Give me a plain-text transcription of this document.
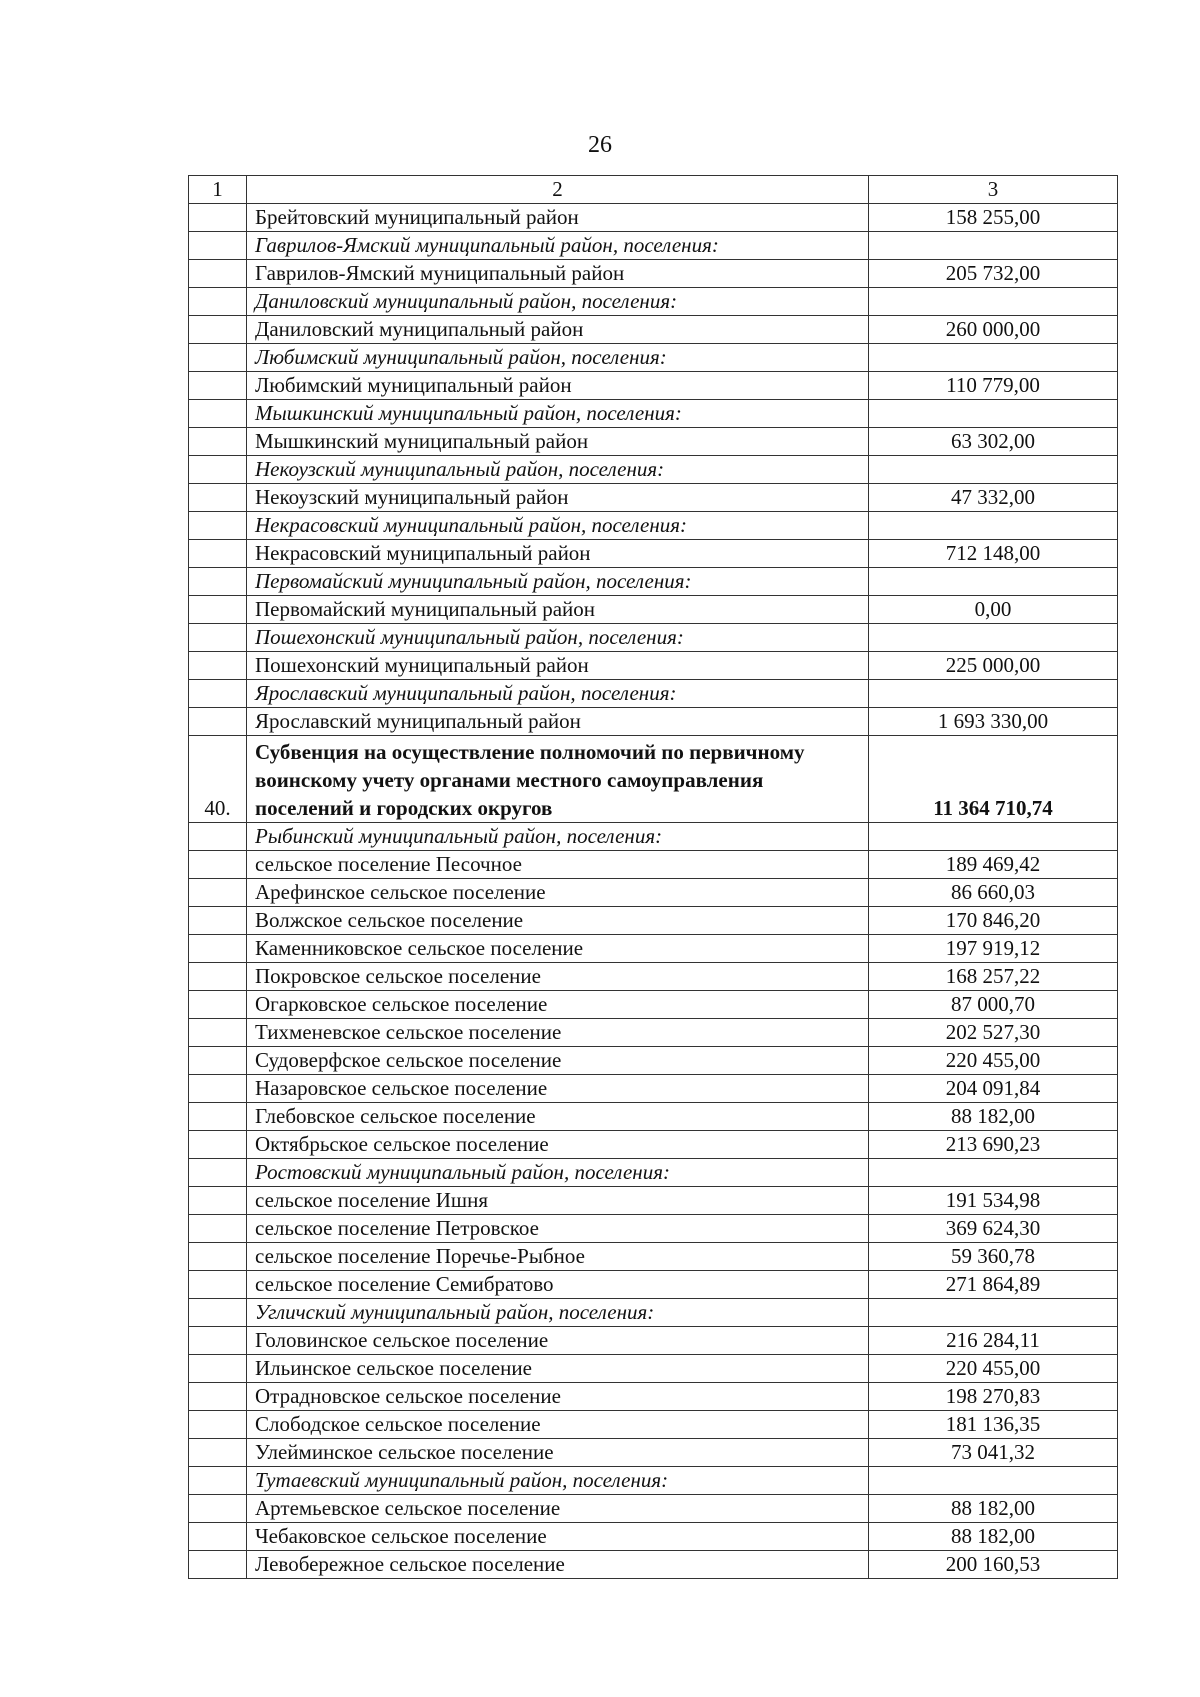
26
1	2	3
	Брейтовский муниципальный район	158 255,00
	Гаврилов-Ямский муниципальный район, поселения:	
	Гаврилов-Ямский муниципальный район	205 732,00
	Даниловский муниципальный район, поселения:	
	Даниловский муниципальный район	260 000,00
	Любимский муниципальный район, поселения:	
	Любимский муниципальный район	110 779,00
	Мышкинский муниципальный район, поселения:	
	Мышкинский муниципальный район	63 302,00
	Некоузский муниципальный район, поселения:	
	Некоузский муниципальный район	47 332,00
	Некрасовский муниципальный район, поселения:	
	Некрасовский муниципальный район	712 148,00
	Первомайский муниципальный район, поселения:	
	Первомайский муниципальный район	0,00
	Пошехонский муниципальный район, поселения:	
	Пошехонский муниципальный район	225 000,00
	Ярославский муниципальный район, поселения:	
	Ярославский муниципальный район	1 693 330,00
40.	Субвенция на осуществление полномочий по первичному воинскому учету органами местного самоуправления поселений и городских округов	11 364 710,74
	Рыбинский муниципальный район, поселения:	
	сельское поселение Песочное	189 469,42
	Арефинское сельское поселение	86 660,03
	Волжское сельское поселение	170 846,20
	Каменниковское сельское поселение	197 919,12
	Покровское сельское поселение	168 257,22
	Огарковское сельское поселение	87 000,70
	Тихменевское сельское поселение	202 527,30
	Судоверфское сельское поселение	220 455,00
	Назаровское сельское поселение	204 091,84
	Глебовское сельское поселение	88 182,00
	Октябрьское сельское поселение	213 690,23
	Ростовский муниципальный район, поселения:	
	сельское поселение Ишня	191 534,98
	сельское поселение Петровское	369 624,30
	сельское поселение Поречье-Рыбное	59 360,78
	сельское поселение Семибратово	271 864,89
	Угличский муниципальный район, поселения:	
	Головинское сельское поселение	216 284,11
	Ильинское сельское поселение	220 455,00
	Отрадновское сельское поселение	198 270,83
	Слободское сельское поселение	181 136,35
	Улейминское сельское поселение	73 041,32
	Тутаевский муниципальный район, поселения:	
	Артемьевское сельское поселение	88 182,00
	Чебаковское сельское поселение	88 182,00
	Левобережное сельское поселение	200 160,53
